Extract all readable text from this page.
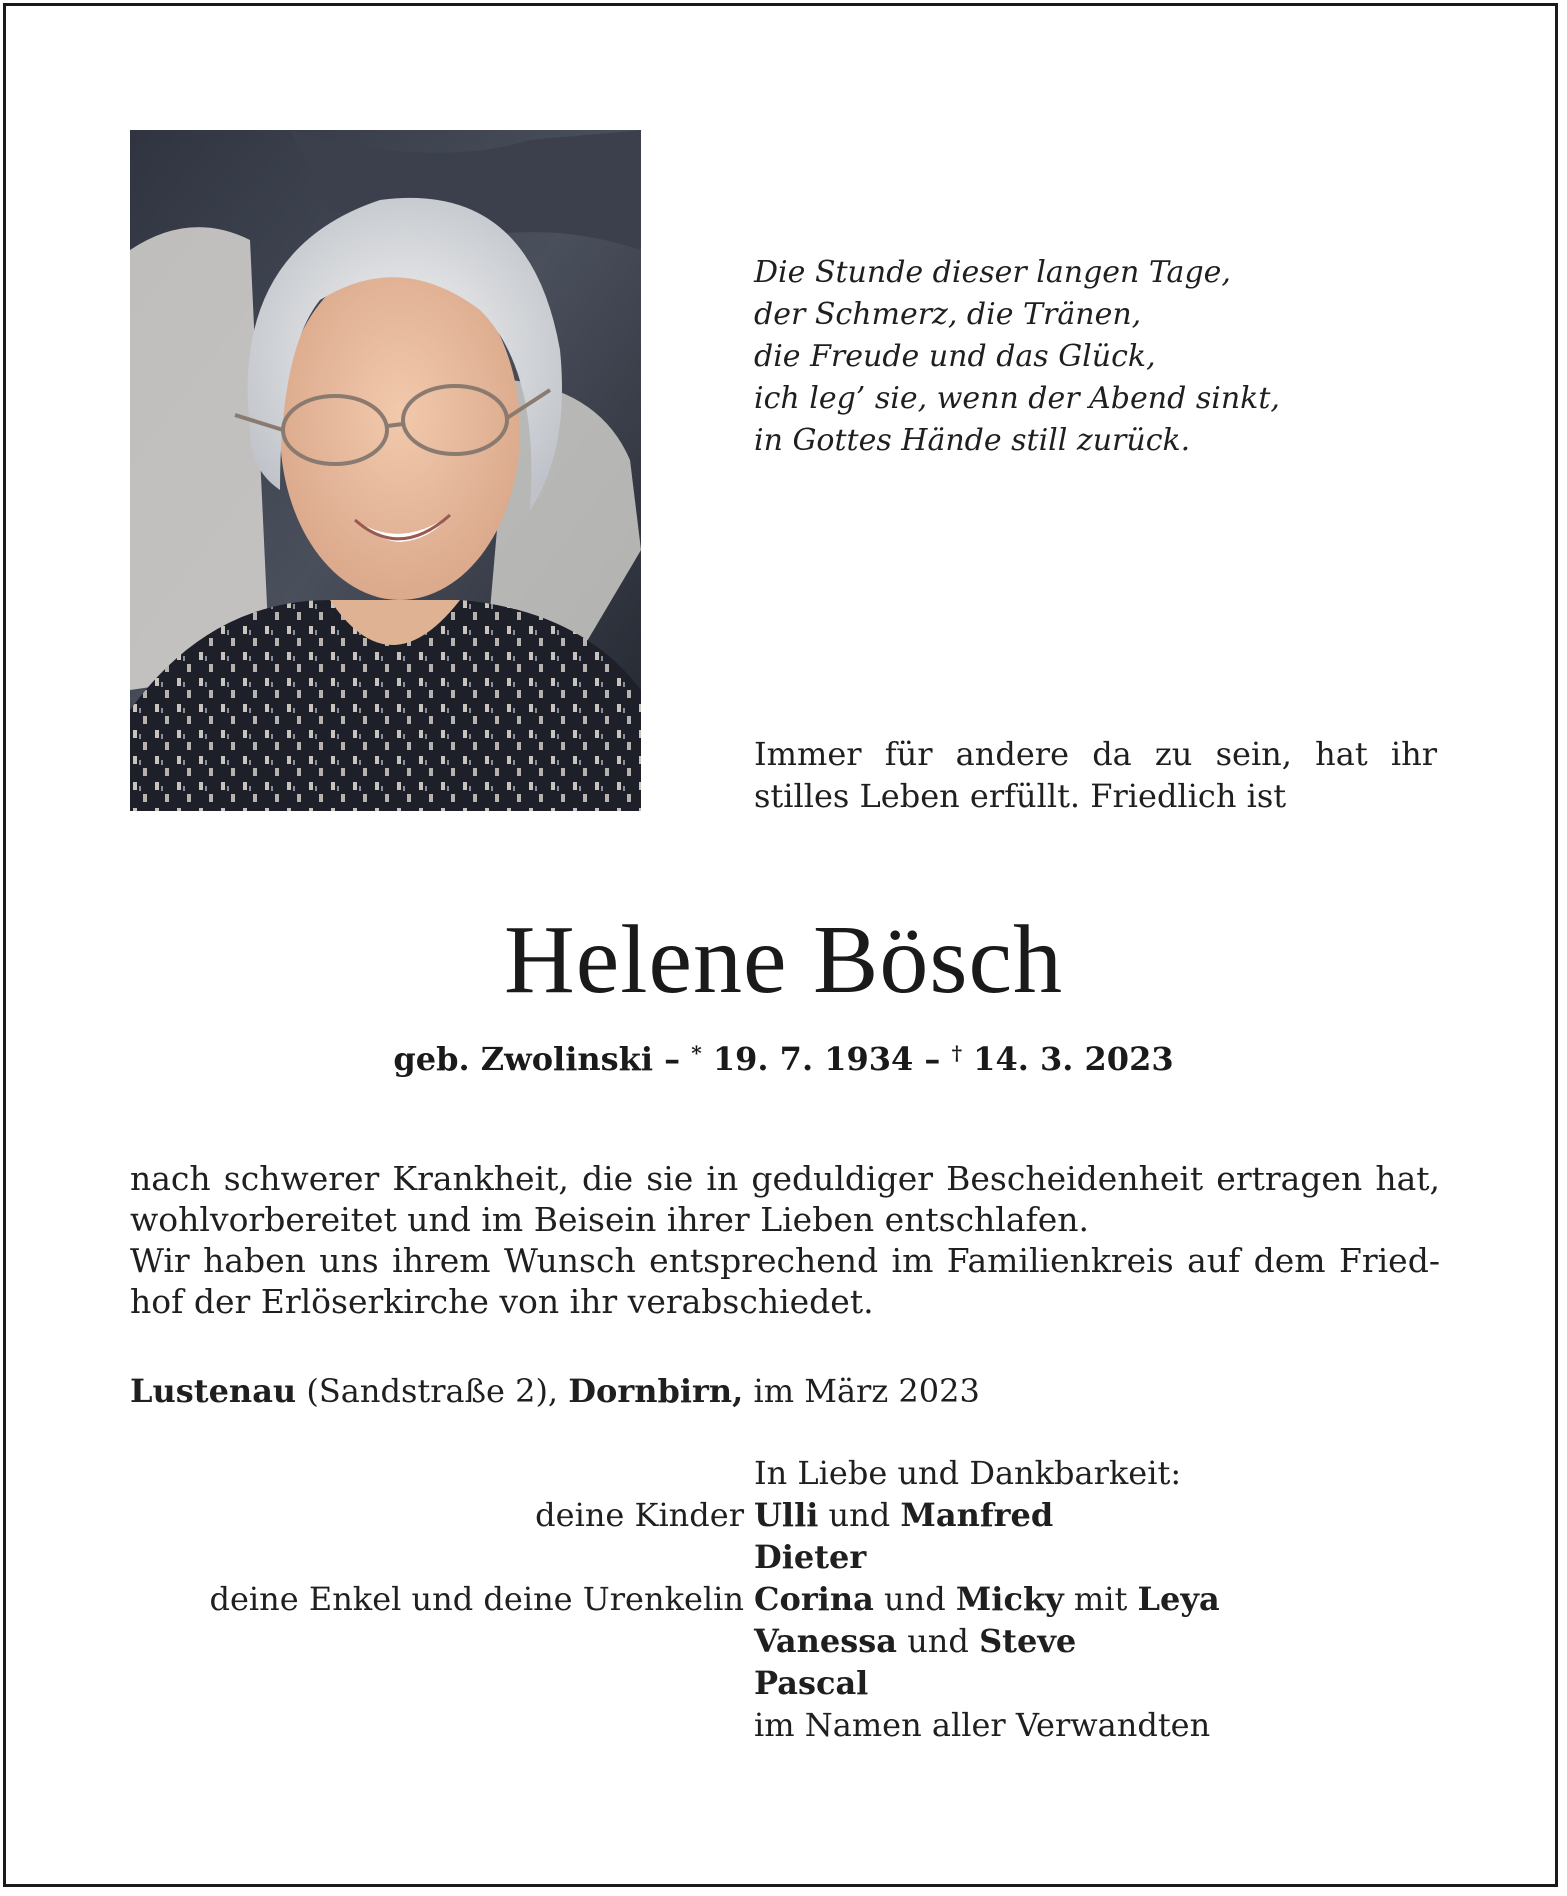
Die Stunde dieser langen Tage,
der Schmerz, die Tränen,
die Freude und das Glück,
ich leg’ sie, wenn der Abend sinkt,
in Gottes Hände still zurück.
Immer für andere da zu sein, hat ihr
stilles Leben erfüllt. Friedlich ist
Helene Bösch
geb. Zwolinski – * 19. 7. 1934 – † 14. 3. 2023
nach schwerer Krankheit, die sie in geduldiger Bescheidenheit ertragen hat,
wohlvorbereitet und im Beisein ihrer Lieben entschlafen.
Wir haben uns ihrem Wunsch entsprechend im Familienkreis auf dem Fried-
hof der Erlöserkirche von ihr verabschiedet.
Lustenau (Sandstraße 2), Dornbirn, im März 2023
In Liebe und Dankbarkeit:
deine Kinder Ulli und Manfred
Dieter
deine Enkel und deine Urenkelin Corina und Micky mit Leya
Vanessa und Steve
Pascal
im Namen aller Verwandten
